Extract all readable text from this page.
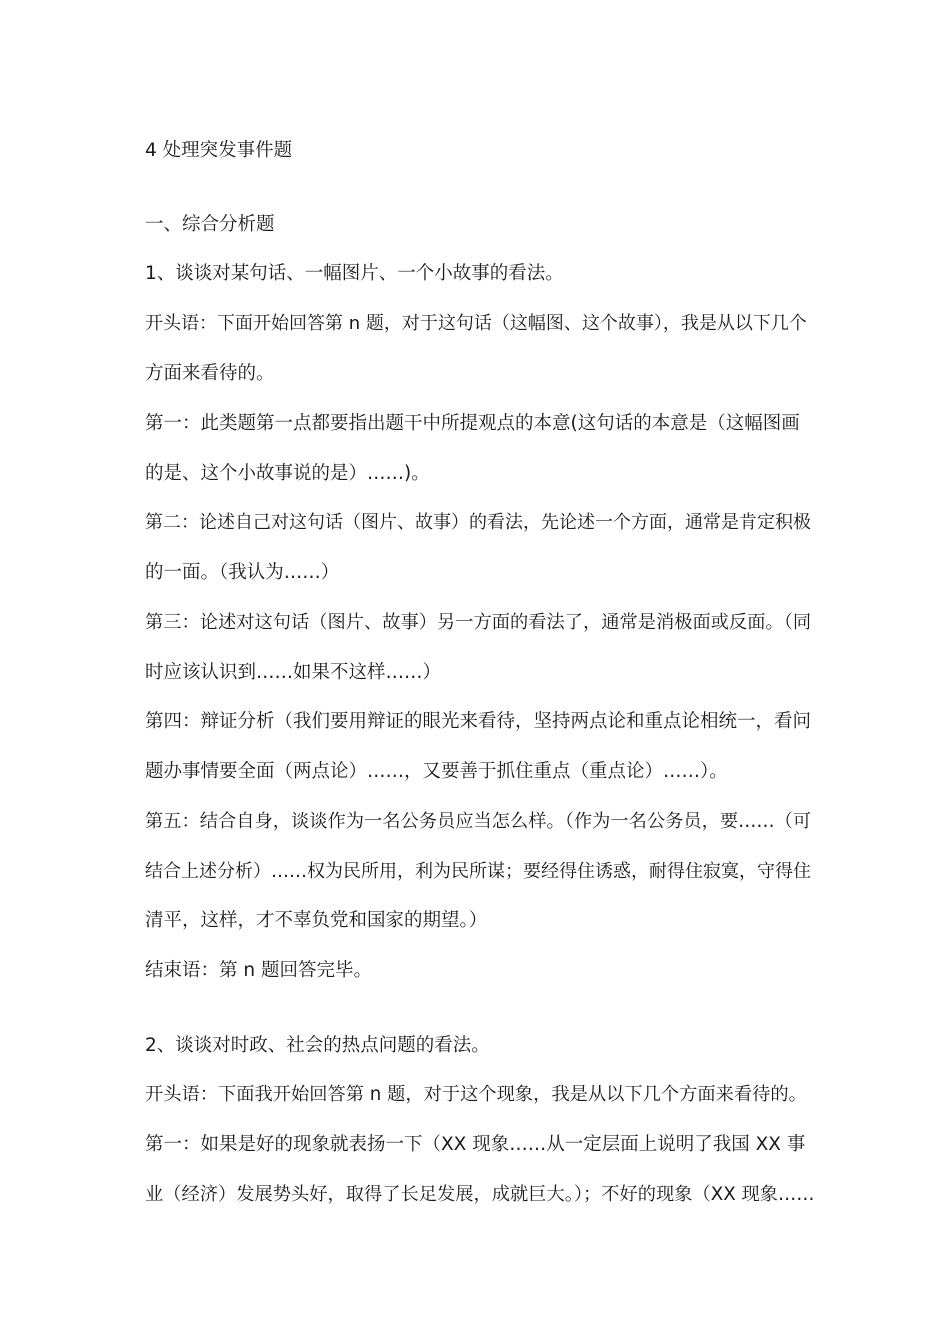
4 处理突发事件题
一、综合分析题
1、谈谈对某句话、一幅图片、一个小故事的看法。
开头语：下面开始回答第 n 题，对于这句话（这幅图、这个故事），我是从以下几个
方面来看待的。
第一：此类题第一点都要指出题干中所提观点的本意(这句话的本意是（这幅图画
的是、这个小故事说的是）……)。
第二：论述自己对这句话（图片、故事）的看法，先论述一个方面，通常是肯定积极
的一面。（我认为……）
第三：论述对这句话（图片、故事）另一方面的看法了，通常是消极面或反面。（同
时应该认识到……如果不这样……）
第四：辩证分析（我们要用辩证的眼光来看待，坚持两点论和重点论相统一，看问
题办事情要全面（两点论）……，又要善于抓住重点（重点论）……）。
第五：结合自身，谈谈作为一名公务员应当怎么样。（作为一名公务员，要……（可
结合上述分析）……权为民所用，利为民所谋；要经得住诱惑，耐得住寂寞，守得住
清平，这样，才不辜负党和国家的期望。）
结束语：第 n 题回答完毕。
2、谈谈对时政、社会的热点问题的看法。
开头语：下面我开始回答第 n 题，对于这个现象，我是从以下几个方面来看待的。
第一：如果是好的现象就表扬一下（XX 现象……从一定层面上说明了我国 XX 事
业（经济）发展势头好，取得了长足发展，成就巨大。）；不好的现象（XX 现象……
